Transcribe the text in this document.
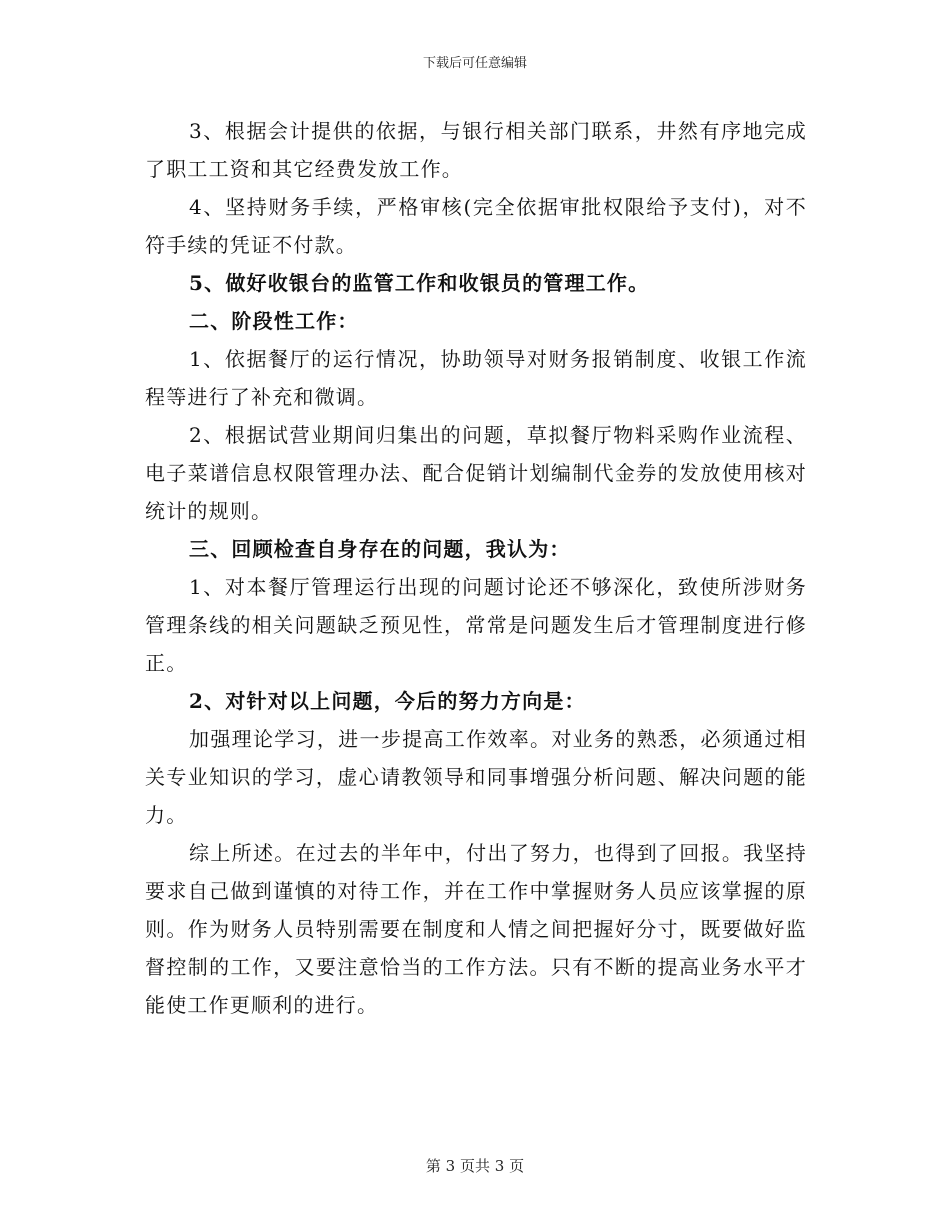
下载后可任意编辑

3、根据会计提供的依据，与银行相关部门联系，井然有序地完成了职工工资和其它经费发放工作。

4、坚持财务手续，严格审核(完全依据审批权限给予支付)，对不符手续的凭证不付款。

5、做好收银台的监管工作和收银员的管理工作。

二、阶段性工作：

1、依据餐厅的运行情况，协助领导对财务报销制度、收银工作流程等进行了补充和微调。

2、根据试营业期间归集出的问题，草拟餐厅物料采购作业流程、电子菜谱信息权限管理办法、配合促销计划编制代金券的发放使用核对统计的规则。

三、回顾检查自身存在的问题，我认为：

1、对本餐厅管理运行出现的问题讨论还不够深化，致使所涉财务管理条线的相关问题缺乏预见性，常常是问题发生后才管理制度进行修正。

2、对针对以上问题，今后的努力方向是：

加强理论学习，进一步提高工作效率。对业务的熟悉，必须通过相关专业知识的学习，虚心请教领导和同事增强分析问题、解决问题的能力。

综上所述。在过去的半年中，付出了努力，也得到了回报。我坚持要求自己做到谨慎的对待工作，并在工作中掌握财务人员应该掌握的原则。作为财务人员特别需要在制度和人情之间把握好分寸，既要做好监督控制的工作，又要注意恰当的工作方法。只有不断的提高业务水平才能使工作更顺利的进行。

第 3 页共 3 页
